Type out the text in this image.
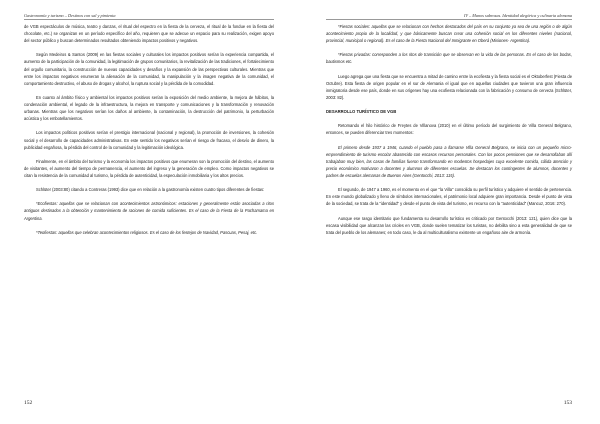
Gastronomía y turismo – Destinos con sal y pimienta

de VGB espectáculos de música, teatro y danzas, el ritual del espectro en la fiesta de la cerveza, el ritual de la fondue en la fiesta del chocolate, etc.) se organizan en un período específico del año, requieren que se adecue un espacio para su realización, exigen apoyo del sector público y buscan determinados resultados obteniendo impactos positivos y negativos.

Según Medeiros & Santos (2009) en las fiestas sociales y culturales los impactos positivos serían la experiencia compartida, el aumento de la participación de la comunidad, la legitimación de grupos comunitarios, la revitalización de las tradiciones, el fortalecimiento del orgullo comunitario, la construcción de nuevas capacidades y desafíos y la expansión de las perspectivas culturales. Mientras que entre los impactos negativos enumeran la alienación de la comunidad, la manipulación y la imagen negativa de la comunidad, el comportamiento destructivo, el abuso de drogas y alcohol, la ruptura social y la pérdida de la comodidad.

En cuanto al ámbito físico y ambiental los impactos positivos serían la exposición del medio ambiente, la mejora de hábitos, la condenación ambiental, el legado de la infraestructura, la mejora en transporte y comunicaciones y la transformación y renovación urbanas. Mientras que los negativos serían los daños al ambiente, la contaminación, la destrucción del patrimonio, la perturbación acústica y los embotellamientos.

Los impactos políticos positivos serían el prestigio internacional (nacional y regional), la promoción de inversiones, la cohesión social y el desarrollo de capacidades administrativas. En este sentido los negativos serían el riesgo de fracaso, el desvío de dinero, la publicidad engañosa, la pérdida del control de la comunidad y la legitimación ideológica.

Finalmente, en el ámbito del turismo y la economía los impactos positivos que enumeran son la promoción del destino, el aumento de visitantes, el aumento del tiempo de permanencia, el aumento del ingreso y la generación de empleo. Como impactos negativos se citan la resistencia de la comunidad al turismo, la pérdida de autenticidad, la especulación inmobiliaria y los altos precios.

Schlüter (2003:80) citando a Contreras (1993) dice que en relación a la gastronomía existen cuatro tipos diferentes de fiestas:

*Ecofiestas: aquellas que se relacionan con acontecimientos astronómicos: estaciones y generalmente están asociadas a ritos antiguos destinados a la obtención y mantenimiento de raciones de comida suficientes. Es el caso de la Fiesta de la Pachamama en Argentina.

*Teofiestas: aquellas que celebran acontecimientos religiosos. Es el caso de los festejos de Navidad, Pascuas, Pesaj, etc.

152
IV – Manos sabrosas. Identidad alegórica y culinaria alemana

*Fiestas sociales: aquellas que se relacionan con hechos destacados del país en su conjunto ya sea de una región o de algún acontecimiento propio de la localidad, y que básicamente buscan crear una cohesión social en los diferentes niveles (nacional, provincial, municipal o regional). Es el caso de la Fiesta Nacional del Inmigrante en Oberá (Misiones- Argentina).

*Fiestas privadas: corresponden a los ritos de transición que se observan en la vida de las personas. Es el caso de los bodas, bautismos etc.

Luego agrega que una fiesta que se encuentra a mitad de camino entre la ecofiesta y la fiesta social es el Oktoberfest (Fiesta de Octubre). Esta fiesta de origen popular en el sur de Alemania el igual que en aquellas ciudades que tuvieron una gran influencia inmigratoria desde ese país, donde en sus orígenes hay una ecofiesta relacionada con la fabricación y consumo de cerveza (Schlüter, 2003: 82).

DESARROLLO TURÍSTICO DE VGB

Retomando el hilo histórico de Freytes de Villanova (2010) en el último período del surgimiento de Villa General Belgrano, entonces, se pueden diferenciar tres momentos:

El primero desde 1937 a 1946, cuando el pueblo pasa a llamarse Villa General Belgrano, se inicia con un pequeño micro-emprendimiento de turismo escolar abastecido con escasos recursos personales. Con los pocos pensiones que se desarrollaban allí trabajaban muy bien, las casas de familias fueron transformando en modestos hospedajes cuya excelente comida, cálida atención y precio económico motivaron a docentes y alumnos de diferentes escuelas. Se destacan los contingentes de alumnos, docentes y padres de escuelas alemanas de Buenos Aires (Gentocchi, 2013: 115).

El segundo, de 1947 a 1960, es el momento en el que "la Villa" consolida su perfil turístico y adquiere el sentido de pertenencia. En este mundo globalizado y lleno de símbolos internacionales, el patrimonio local adquiere gran importancia. Desde el punto de vista de la sociedad, se trata de la "identidad" y desde el punto de vista del turismo, es recurso con la "autenticidad" (Mancuz, 2016: 270).

Aunque ese rasgo identitario que fundamenta su desarrollo turístico es criticado por Gentocchi (2013: 121), quien dice que la escasa visibilidad que alcanzan las crioles en VGB, donde suelen tematizar los turistas, no debilita sino a esta generalidad de que se trata del pueblo de los alemanes; en todo caso, le da al multiculturalismo existente un engañoso aire de armonía.

153
